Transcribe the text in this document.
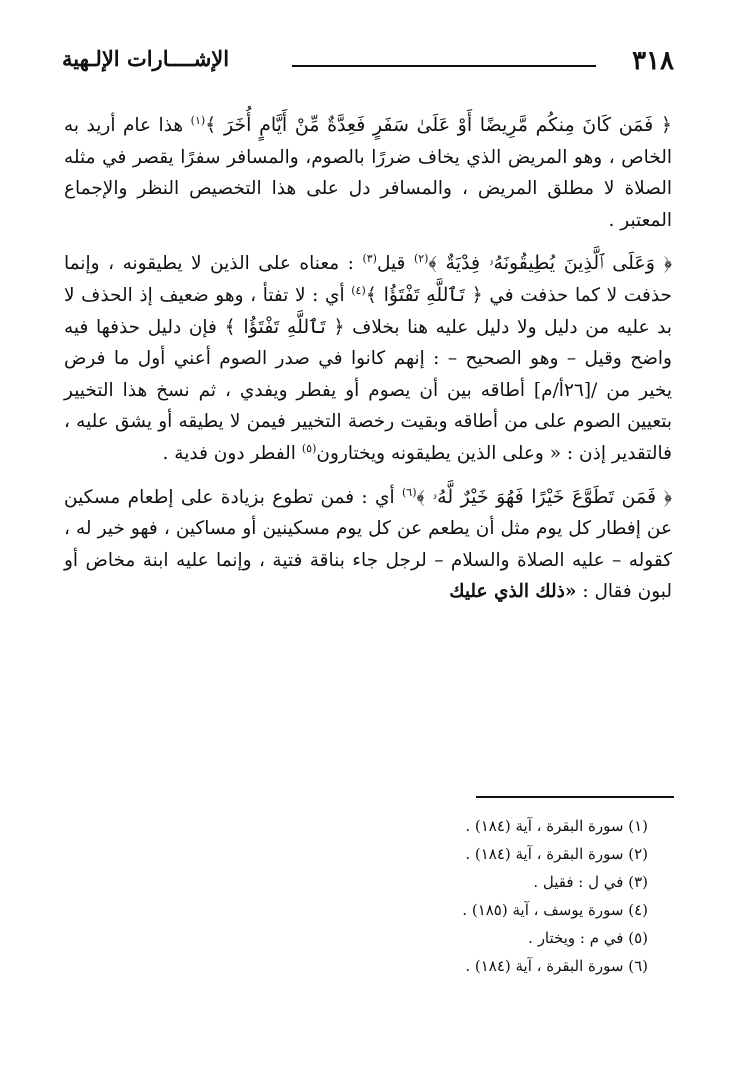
٣١٨
الإشــــارات الإلـهية

﴿ فَمَن كَانَ مِنكُم مَّرِيضًا أَوْ عَلَىٰ سَفَرٍ فَعِدَّةٌ مِّنْ أَيَّامٍ أُخَرَ ﴾$^{(١)}$ هذا عام أريد به الخاص ، وهو المريض الذي يخاف ضررًا بالصوم، والمسافر سفرًا يقصر في مثله الصلاة لا مطلق المريض ، والمسافر دل على هذا التخصيص النظر والإجماع المعتبر .

﴿ وَعَلَى ٱلَّذِينَ يُطِيقُونَهُۥ فِدْيَةٌ ﴾$^{(٢)}$ قيل$^{(٣)}$ : معناه على الذين لا يطيقونه ، وإنما حذفت لا كما حذفت في ﴿ تَٱللَّهِ تَفْتَؤُا ﴾$^{(٤)}$ أي : لا تفتأ ، وهو ضعيف إذ الحذف لا بد عليه من دليل ولا دليل عليه هنا بخلاف ﴿ تَٱللَّهِ تَفْتَؤُا ﴾ فإن دليل حذفها فيه واضح وقيل – وهو الصحيح – : إنهم كانوا في صدر الصوم أعني أول ما فرض يخير من /[٢٦أ/م] أطاقه بين أن يصوم أو يفطر ويفدي ، ثم نسخ هذا التخيير بتعيين الصوم على من أطاقه وبقيت رخصة التخيير فيمن لا يطيقه أو يشق عليه ، فالتقدير إذن : « وعلى الذين يطيقونه ويختارون$^{(٥)}$ الفطر دون فدية .

﴿ فَمَن تَطَوَّعَ خَيْرًا فَهُوَ خَيْرٌ لَّهُۥ ﴾$^{(٦)}$ أي : فمن تطوع بزيادة على إطعام مسكين عن إفطار كل يوم مثل أن يطعم عن كل يوم مسكينين أو مساكين ، فهو خير له ، كقوله – عليه الصلاة والسلام – لرجل جاء بناقة فتية ، وإنما عليه ابنة مخاض أو لبون فقال : «ذلك الذي عليك

(١) سورة البقرة ، آية (١٨٤) .
(٢) سورة البقرة ، آية (١٨٤) .
(٣) في ل : فقيل .
(٤) سورة يوسف ، آية (١٨٥) .
(٥) في م : ويختار .
(٦) سورة البقرة ، آية (١٨٤) .
